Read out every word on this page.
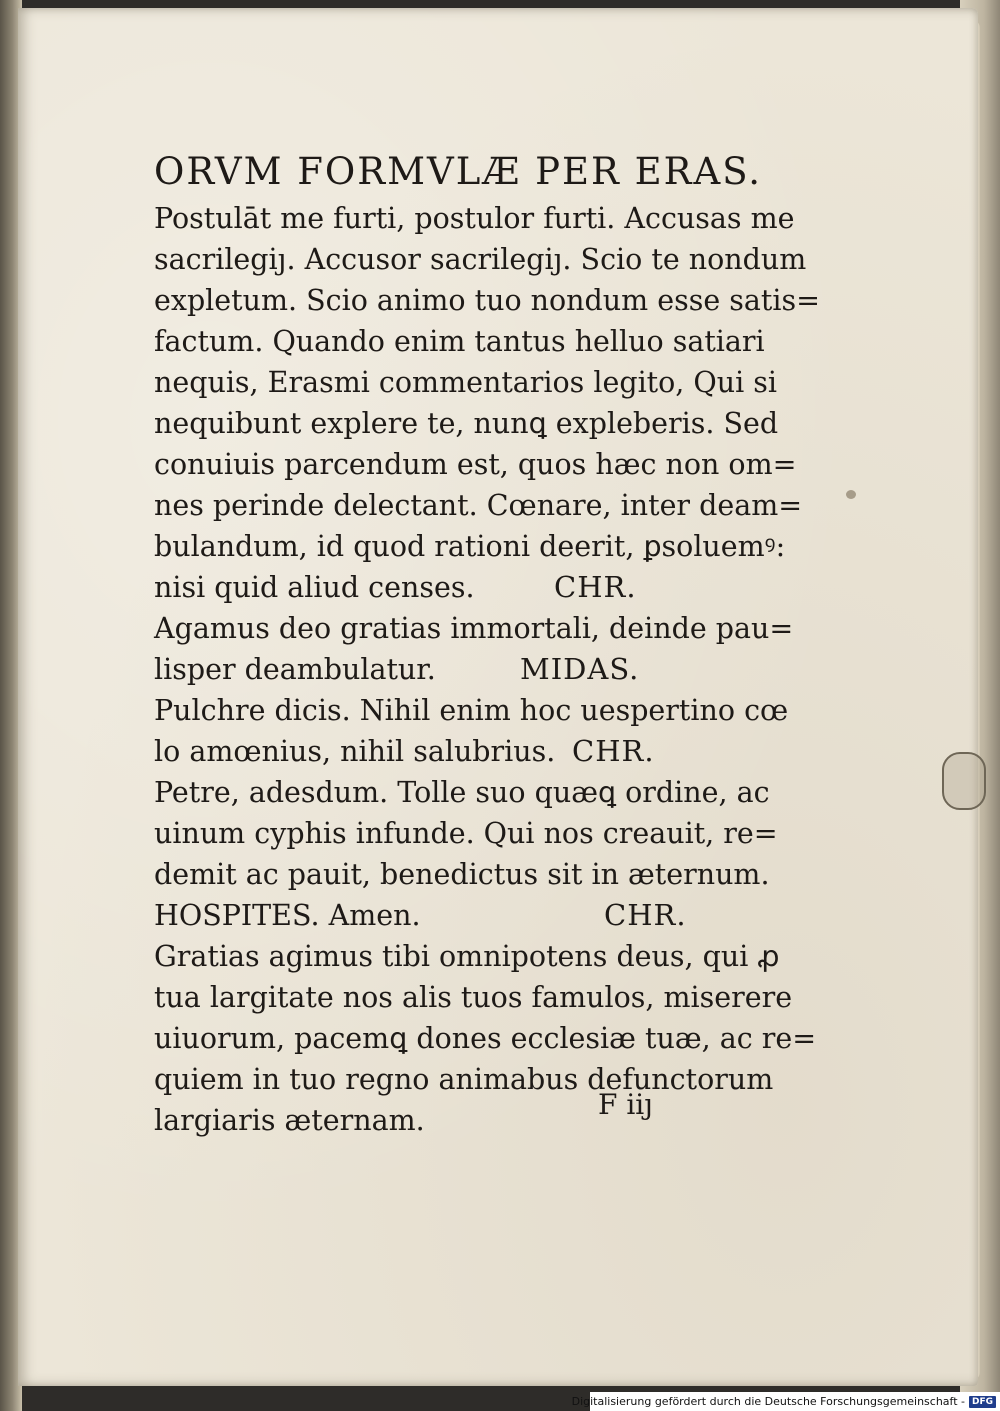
ORVM FORMVLÆ PER ERAS.
Postulāt me furti, postulor furti. Accusas me
sacrilegiȷ. Accusor sacrilegiȷ. Scio te nondum
expletum. Scio animo tuo nondum esse satis=
factum. Quando enim tantus helluo satiari
nequis, Erasmi commentarios legito, Qui si
nequibunt explere te, nunꝗ expleberis. Sed
conuiuis parcendum est, quos hæc non om=
nes perinde delectant. Cœnare, inter deam=
bulandum, id quod rationi deerit, ꝑsoluemꝰ:
nisi quid aliud censes.	CHR.
Agamus deo gratias immortali, deinde pau=
lisper deambulatur.	MIDAS.
Pulchre dicis. Nihil enim hoc uespertino cœ
lo amœnius, nihil salubrius. CHR.
Petre, adesdum. Tolle suo quæꝗ ordine, ac
uinum cyphis infunde. Qui nos creauit, re=
demit ac pauit, benedictus sit in æternum.
HOSPITES. Amen.	CHR.
Gratias agimus tibi omnipotens deus, qui ꝓ
tua largitate nos alis tuos famulos, miserere
uiuorum, pacemꝗ dones ecclesiæ tuæ, ac re=
quiem in tuo regno animabus defunctorum
largiaris æternam.	F iiȷ
Digitalisierung gefördert durch die Deutsche Forschungsgemeinschaft - DFG
